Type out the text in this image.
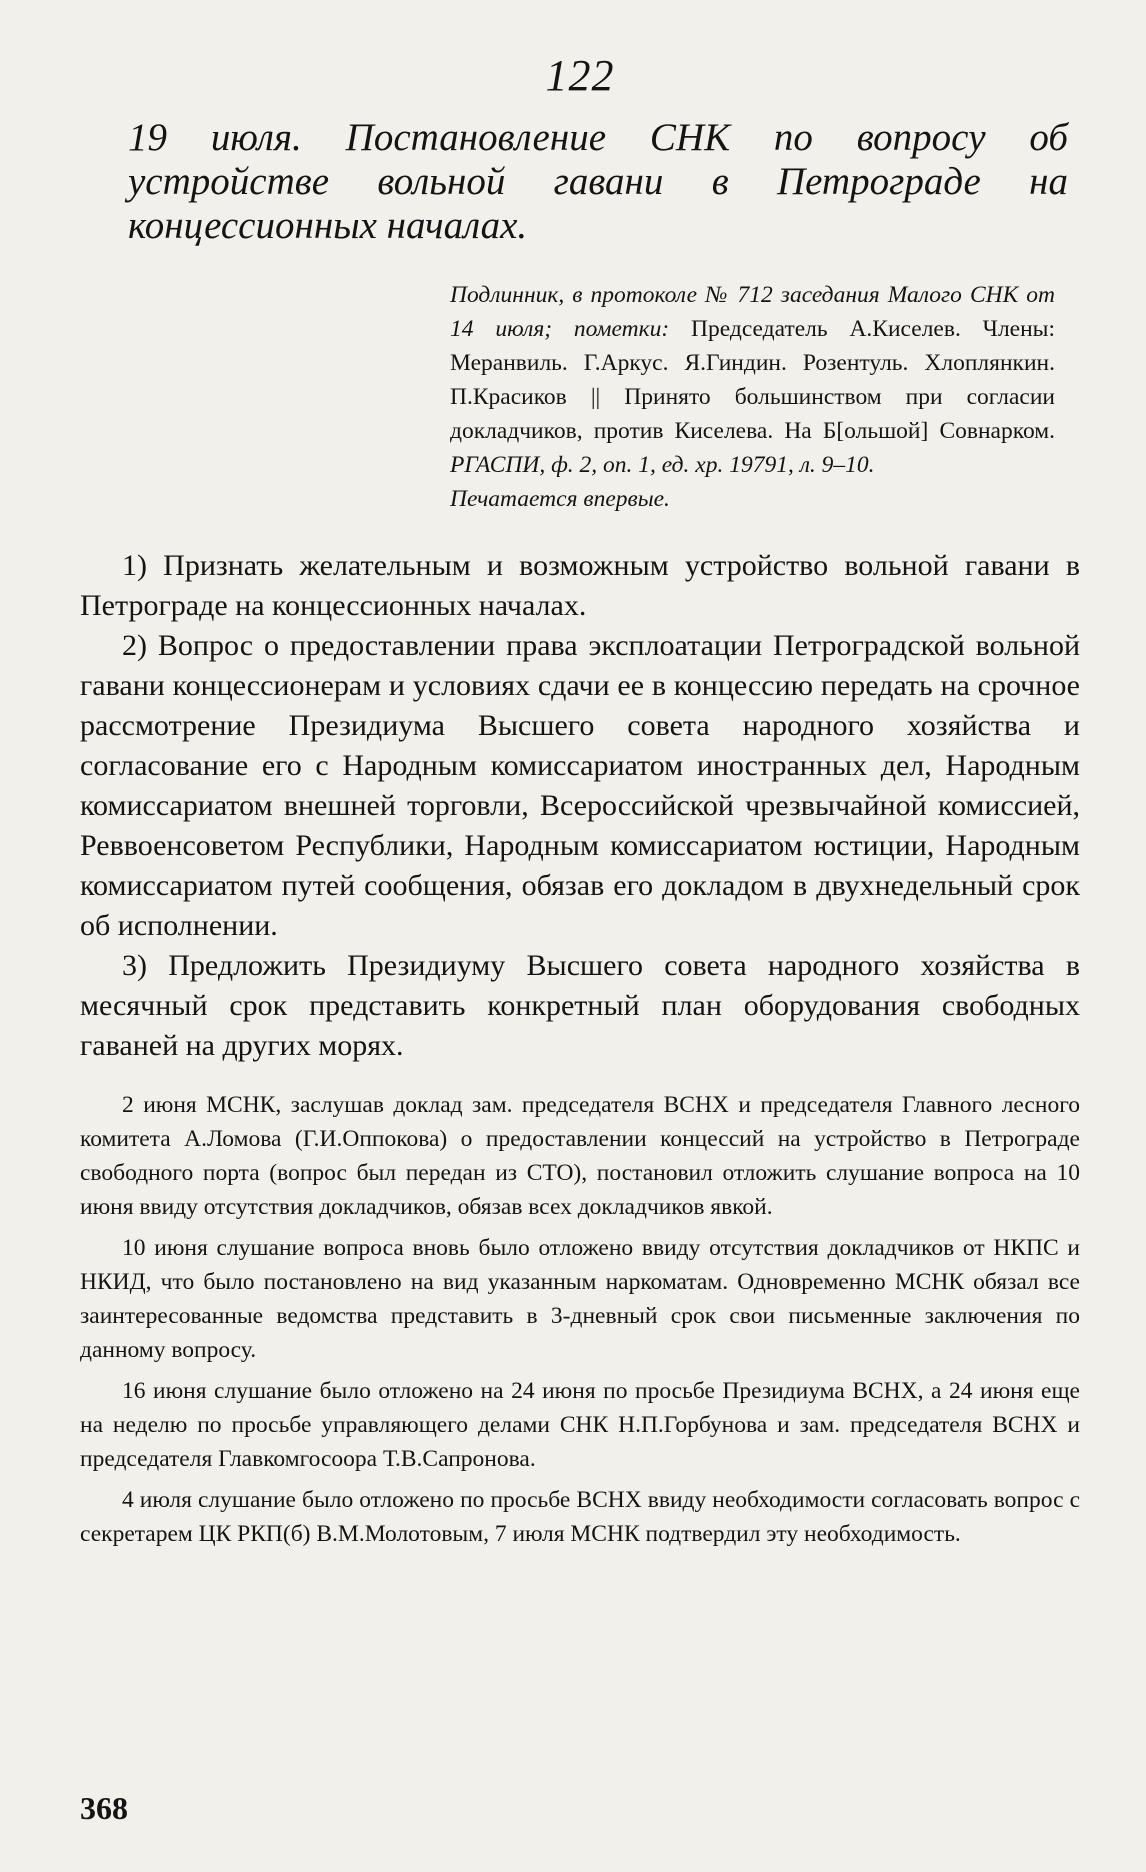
122
19 июля. Постановление СНК по вопросу об устройстве вольной гавани в Петрограде на концессионных началах.

Подлинник, в протоколе № 712 заседания Малого СНК от 14 июля; пометки: Председатель А.Киселев. Члены: Меранвиль. Г.Аркус. Я.Гиндин. Розентуль. Хлоплянкин. П.Красиков || Принято большинством при согласии докладчиков, против Киселева. На Б[ольшой] Совнарком. РГАСПИ, ф. 2, оп. 1, ед. хр. 19791, л. 9–10.

Печатается впервые.

1) Признать желательным и возможным устройство вольной гавани в Петрограде на концессионных началах.

2) Вопрос о предоставлении права эксплоатации Петроградской вольной гавани концессионерам и условиях сдачи ее в концессию передать на срочное рассмотрение Президиума Высшего совета народного хозяйства и согласование его с Народным комиссариатом иностранных дел, Народным комиссариатом внешней торговли, Всероссийской чрезвычайной комиссией, Реввоенсоветом Республики, Народным комиссариатом юстиции, Народным комиссариатом путей сообщения, обязав его докладом в двухнедельный срок об исполнении.

3) Предложить Президиуму Высшего совета народного хозяйства в месячный срок представить конкретный план оборудования свободных гаваней на других морях.

2 июня МСНК, заслушав доклад зам. председателя ВСНХ и председателя Главного лесного комитета А.Ломова (Г.И.Оппокова) о предоставлении концессий на устройство в Петрограде свободного порта (вопрос был передан из СТО), постановил отложить слушание вопроса на 10 июня ввиду отсутствия докладчиков, обязав всех докладчиков явкой.

10 июня слушание вопроса вновь было отложено ввиду отсутствия докладчиков от НКПС и НКИД, что было постановлено на вид указанным наркоматам. Одновременно МСНК обязал все заинтересованные ведомства представить в 3-дневный срок свои письменные заключения по данному вопросу.

16 июня слушание было отложено на 24 июня по просьбе Президиума ВСНХ, а 24 июня еще на неделю по просьбе управляющего делами СНК Н.П.Горбунова и зам. председателя ВСНХ и председателя Главкомгосоора Т.В.Сапронова.

4 июля слушание было отложено по просьбе ВСНХ ввиду необходимости согласовать вопрос с секретарем ЦК РКП(б) В.М.Молотовым, 7 июля МСНК подтвердил эту необходимость.

368
